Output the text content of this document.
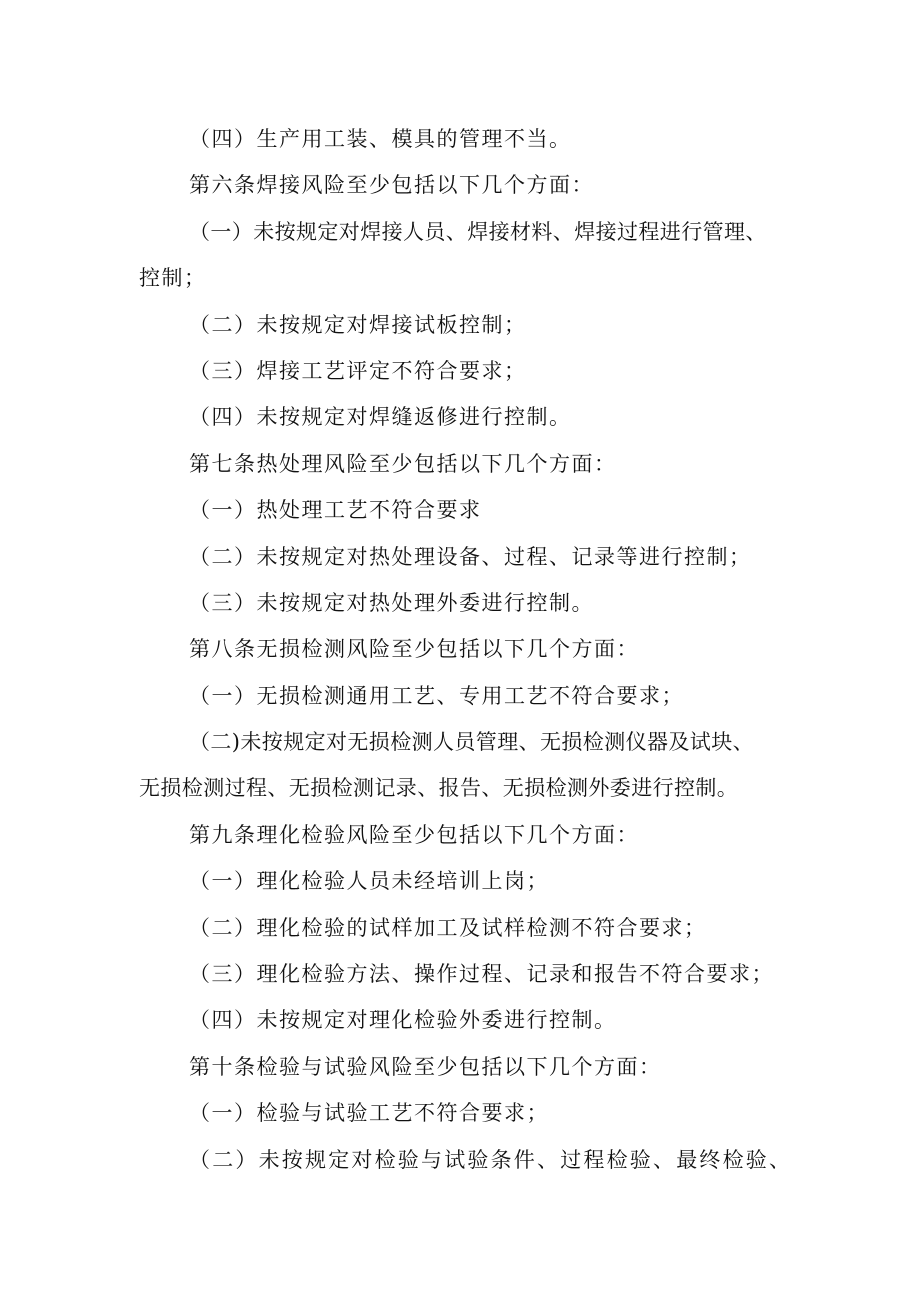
（四）生产用工装、模具的管理不当。
第六条焊接风险至少包括以下几个方面：
（一）未按规定对焊接人员、焊接材料、焊接过程进行管理、
控制；
（二）未按规定对焊接试板控制；
（三）焊接工艺评定不符合要求；
（四）未按规定对焊缝返修进行控制。
第七条热处理风险至少包括以下几个方面：
（一）热处理工艺不符合要求
（二）未按规定对热处理设备、过程、记录等进行控制；
（三）未按规定对热处理外委进行控制。
第八条无损检测风险至少包括以下几个方面：
（一）无损检测通用工艺、专用工艺不符合要求；
（二)未按规定对无损检测人员管理、无损检测仪器及试块、
无损检测过程、无损检测记录、报告、无损检测外委进行控制。
第九条理化检验风险至少包括以下几个方面：
（一）理化检验人员未经培训上岗；
（二）理化检验的试样加工及试样检测不符合要求；
（三）理化检验方法、操作过程、记录和报告不符合要求；
（四）未按规定对理化检验外委进行控制。
第十条检验与试验风险至少包括以下几个方面：
（一）检验与试验工艺不符合要求；
（二）未按规定对检验与试验条件、过程检验、最终检验、
